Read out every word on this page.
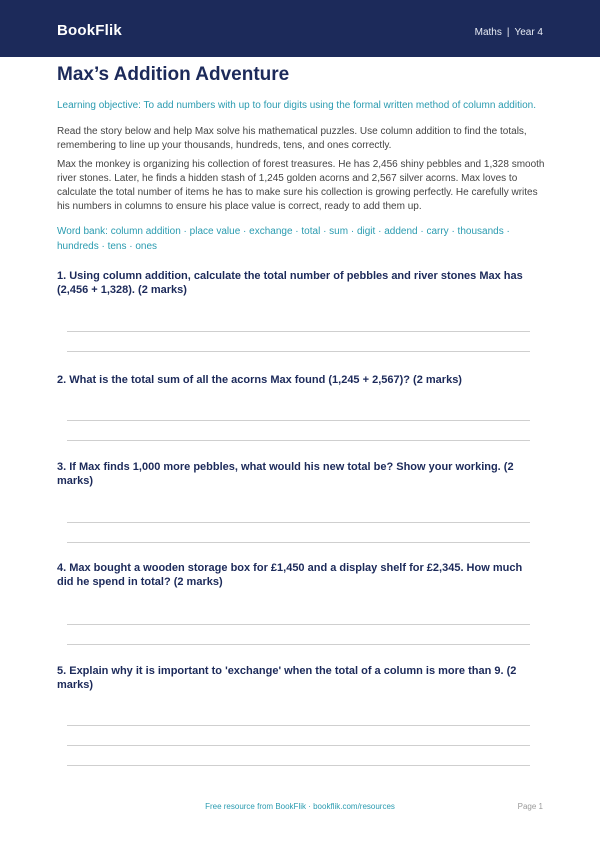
BookFlik	Maths | Year 4
Max’s Addition Adventure
Learning objective: To add numbers with up to four digits using the formal written method of column addition.
Read the story below and help Max solve his mathematical puzzles. Use column addition to find the totals, remembering to line up your thousands, hundreds, tens, and ones correctly.
Max the monkey is organizing his collection of forest treasures. He has 2,456 shiny pebbles and 1,328 smooth river stones. Later, he finds a hidden stash of 1,245 golden acorns and 2,567 silver acorns. Max loves to calculate the total number of items he has to make sure his collection is growing perfectly. He carefully writes his numbers in columns to ensure his place value is correct, ready to add them up.
Word bank: column addition · place value · exchange · total · sum · digit · addend · carry · thousands · hundreds · tens · ones
1. Using column addition, calculate the total number of pebbles and river stones Max has (2,456 + 1,328). (2 marks)
2. What is the total sum of all the acorns Max found (1,245 + 2,567)? (2 marks)
3. If Max finds 1,000 more pebbles, what would his new total be? Show your working. (2 marks)
4. Max bought a wooden storage box for £1,450 and a display shelf for £2,345. How much did he spend in total? (2 marks)
5. Explain why it is important to 'exchange' when the total of a column is more than 9. (2 marks)
Free resource from BookFlik · bookflik.com/resources	Page 1
